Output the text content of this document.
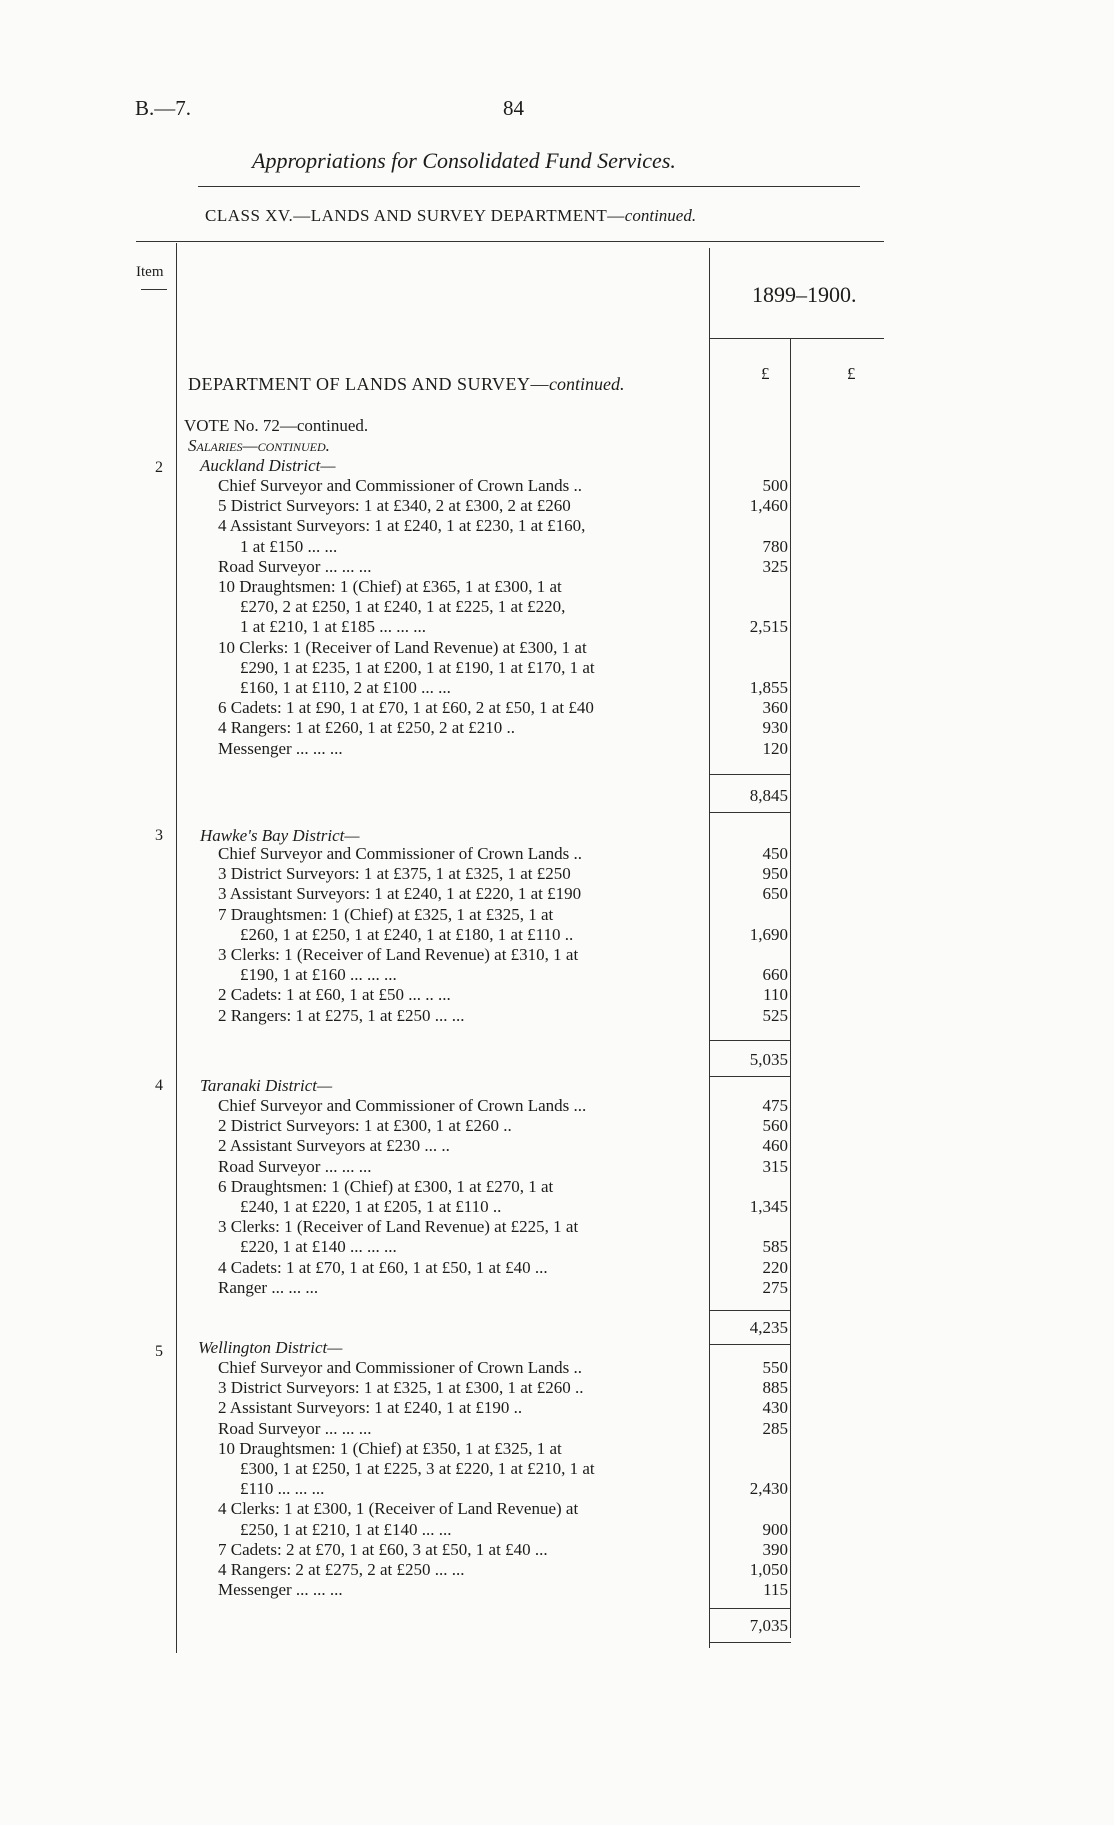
B.—7.	84
Appropriations for Consolidated Fund Services.
CLASS XV.—LANDS AND SURVEY DEPARTMENT—continued.
Item
1899–1900.
£	£
DEPARTMENT OF LANDS AND SURVEY—continued.
VOTE No. 72—continued.
Salaries—continued.
2 Auckland District—
Chief Surveyor and Commissioner of Crown Lands ..	500
5 District Surveyors: 1 at £340, 2 at £300, 2 at £260	1,460
4 Assistant Surveyors: 1 at £240, 1 at £230, 1 at £160,
1 at £150 ... ...	780
Road Surveyor ... ... ...	325
10 Draughtsmen: 1 (Chief) at £365, 1 at £300, 1 at
£270, 2 at £250, 1 at £240, 1 at £225, 1 at £220,
1 at £210, 1 at £185 ... ... ...	2,515
10 Clerks: 1 (Receiver of Land Revenue) at £300, 1 at
£290, 1 at £235, 1 at £200, 1 at £190, 1 at £170, 1 at
£160, 1 at £110, 2 at £100 ... ...	1,855
6 Cadets: 1 at £90, 1 at £70, 1 at £60, 2 at £50, 1 at £40	360
4 Rangers: 1 at £260, 1 at £250, 2 at £210 ..	930
Messenger ... ... ...	120
8,845
3 Hawke's Bay District—
Chief Surveyor and Commissioner of Crown Lands ..	450
3 District Surveyors: 1 at £375, 1 at £325, 1 at £250	950
3 Assistant Surveyors: 1 at £240, 1 at £220, 1 at £190	650
7 Draughtsmen: 1 (Chief) at £325, 1 at £325, 1 at
£260, 1 at £250, 1 at £240, 1 at £180, 1 at £110 ..	1,690
3 Clerks: 1 (Receiver of Land Revenue) at £310, 1 at
£190, 1 at £160 ... ... ...	660
2 Cadets: 1 at £60, 1 at £50 ... .. ...	110
2 Rangers: 1 at £275, 1 at £250 ... ...	525
5,035
4 Taranaki District—
Chief Surveyor and Commissioner of Crown Lands ...	475
2 District Surveyors: 1 at £300, 1 at £260 ..	560
2 Assistant Surveyors at £230 ... ..	460
Road Surveyor ... ... ...	315
6 Draughtsmen: 1 (Chief) at £300, 1 at £270, 1 at
£240, 1 at £220, 1 at £205, 1 at £110 ..	1,345
3 Clerks: 1 (Receiver of Land Revenue) at £225, 1 at
£220, 1 at £140 ... ... ...	585
4 Cadets: 1 at £70, 1 at £60, 1 at £50, 1 at £40 ...	220
Ranger ... ... ...	275
4,235
5 Wellington District—
Chief Surveyor and Commissioner of Crown Lands ..	550
3 District Surveyors: 1 at £325, 1 at £300, 1 at £260 ..	885
2 Assistant Surveyors: 1 at £240, 1 at £190 ..	430
Road Surveyor ... ... ...	285
10 Draughtsmen: 1 (Chief) at £350, 1 at £325, 1 at
£300, 1 at £250, 1 at £225, 3 at £220, 1 at £210, 1 at
£110 ... ... ...	2,430
4 Clerks: 1 at £300, 1 (Receiver of Land Revenue) at
£250, 1 at £210, 1 at £140 ... ...	900
7 Cadets: 2 at £70, 1 at £60, 3 at £50, 1 at £40 ...	390
4 Rangers: 2 at £275, 2 at £250 ... ...	1,050
Messenger ... ... ...	115
7,035
